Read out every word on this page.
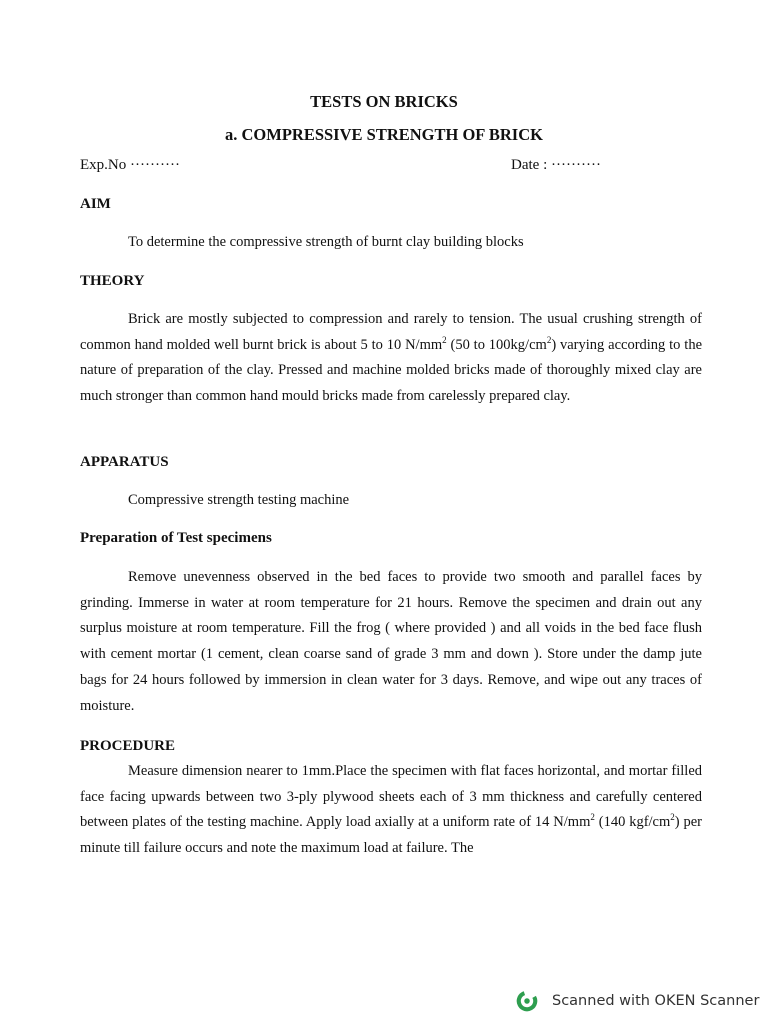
TESTS ON BRICKS
a. COMPRESSIVE STRENGTH OF BRICK
Exp.No ··········	Date : ··········
AIM
To determine the compressive strength of burnt clay building blocks
THEORY

Brick are mostly subjected to compression and rarely to tension. The usual crushing strength of common hand molded well burnt brick is about 5 to 10 $N/mm^2$ (50 to $100kg/cm^2$) varying according to the nature of preparation of the clay. Pressed and machine molded bricks made of thoroughly mixed clay are much stronger than common hand mould bricks made from carelessly prepared clay.

APPARATUS
Compressive strength testing machine
Preparation of Test specimens

Remove unevenness observed in the bed faces to provide two smooth and parallel faces by grinding. Immerse in water at room temperature for 21 hours. Remove the specimen and drain out any surplus moisture at room temperature. Fill the frog ( where provided ) and all voids in the bed face flush with cement mortar (1 cement, clean coarse sand of grade 3 mm and down ). Store under the damp jute bags for 24 hours followed by immersion in clean water for 3 days. Remove, and wipe out any traces of moisture.

PROCEDURE

Measure dimension nearer to 1mm.Place the specimen with flat faces horizontal, and mortar filled face facing upwards between two 3-ply plywood sheets each of 3 mm thickness and carefully centered between plates of the testing machine. Apply load axially at a uniform rate of 14 $N/mm^2$ (140 kgf/$cm^2$) per minute till failure occurs and note the maximum load at failure. The

Scanned with OKEN Scanner
